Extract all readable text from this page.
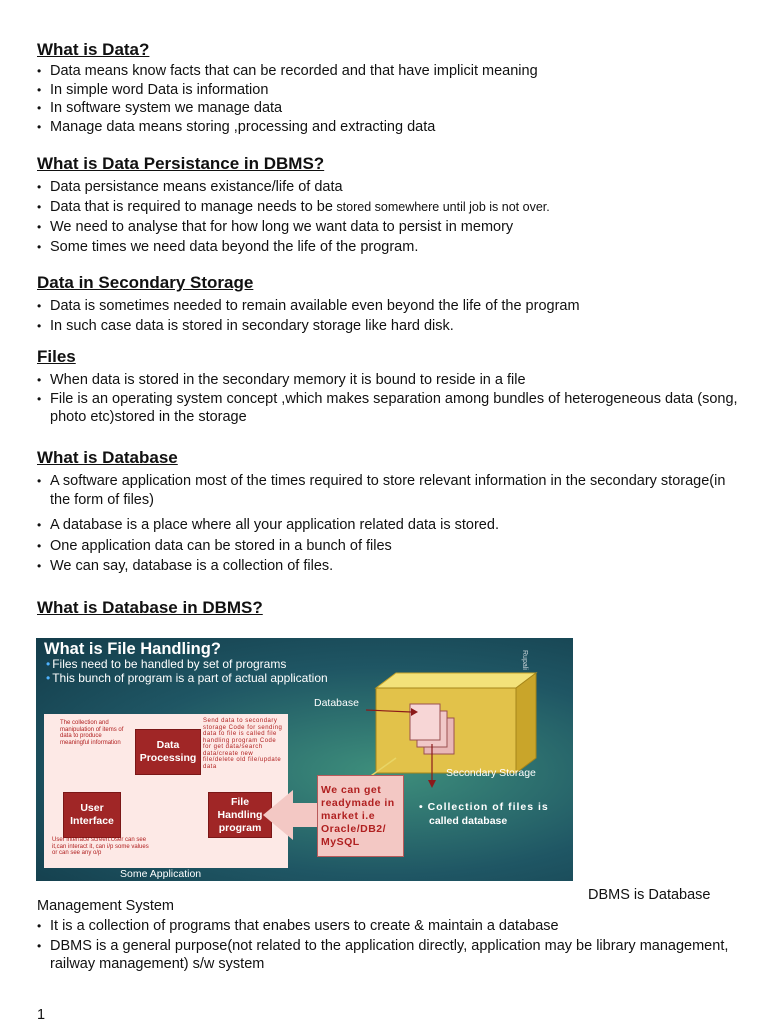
What is Data?
• Data means know facts that can be recorded and that have implicit meaning
• In simple word Data is information
• In software system we manage data
• Manage data means storing ,processing and extracting data
What is Data Persistance in DBMS?
• Data persistance means existance/life of data
• Data that is required to manage needs to be stored somewhere until job is not over.
• We need to analyse that for how long we want data to persist in memory
• Some times we need data beyond the life of the program.
Data in Secondary Storage
• Data is sometimes needed to remain available even beyond the life of the program
• In such case data is stored in secondary storage like hard disk.
Files
• When data is stored in the secondary memory it is bound to reside in a file
• File is an operating system concept ,which makes separation among bundles of heterogeneous data (song, photo etc)stored in the storage
What is Database
• A software application most of the times required to store relevant information in the secondary storage(in the form of files)
• A database is a place where all your application related data is stored.
• One application data can be stored in a bunch of files
• We can say, database is a collection of files.
What is Database in DBMS?
What is File Handling?
• Files need to be handled by set of programs
• This bunch of program is a part of actual application
Rupali
Database
Secondary Storage
• Collection of files is
called database
The collection and manipulation of items of data to produce meaningful information	Data Processing
Send data to secondary storage Code for sending data to file is called file handling program Code for get data/search data/create new file/delete old file/update data
User Interface
File Handling program
User interface screen.User can see it,can interact it, can i/p some values or can see any o/p
Some Application
We can get readymade in market i.e Oracle/DB2/ MySQL
DBMS is Database
Management System
• It is a collection of programs that enabes users to create & maintain a database
• DBMS is a general purpose(not related to the application directly, application may be library management, railway management) s/w system
1
